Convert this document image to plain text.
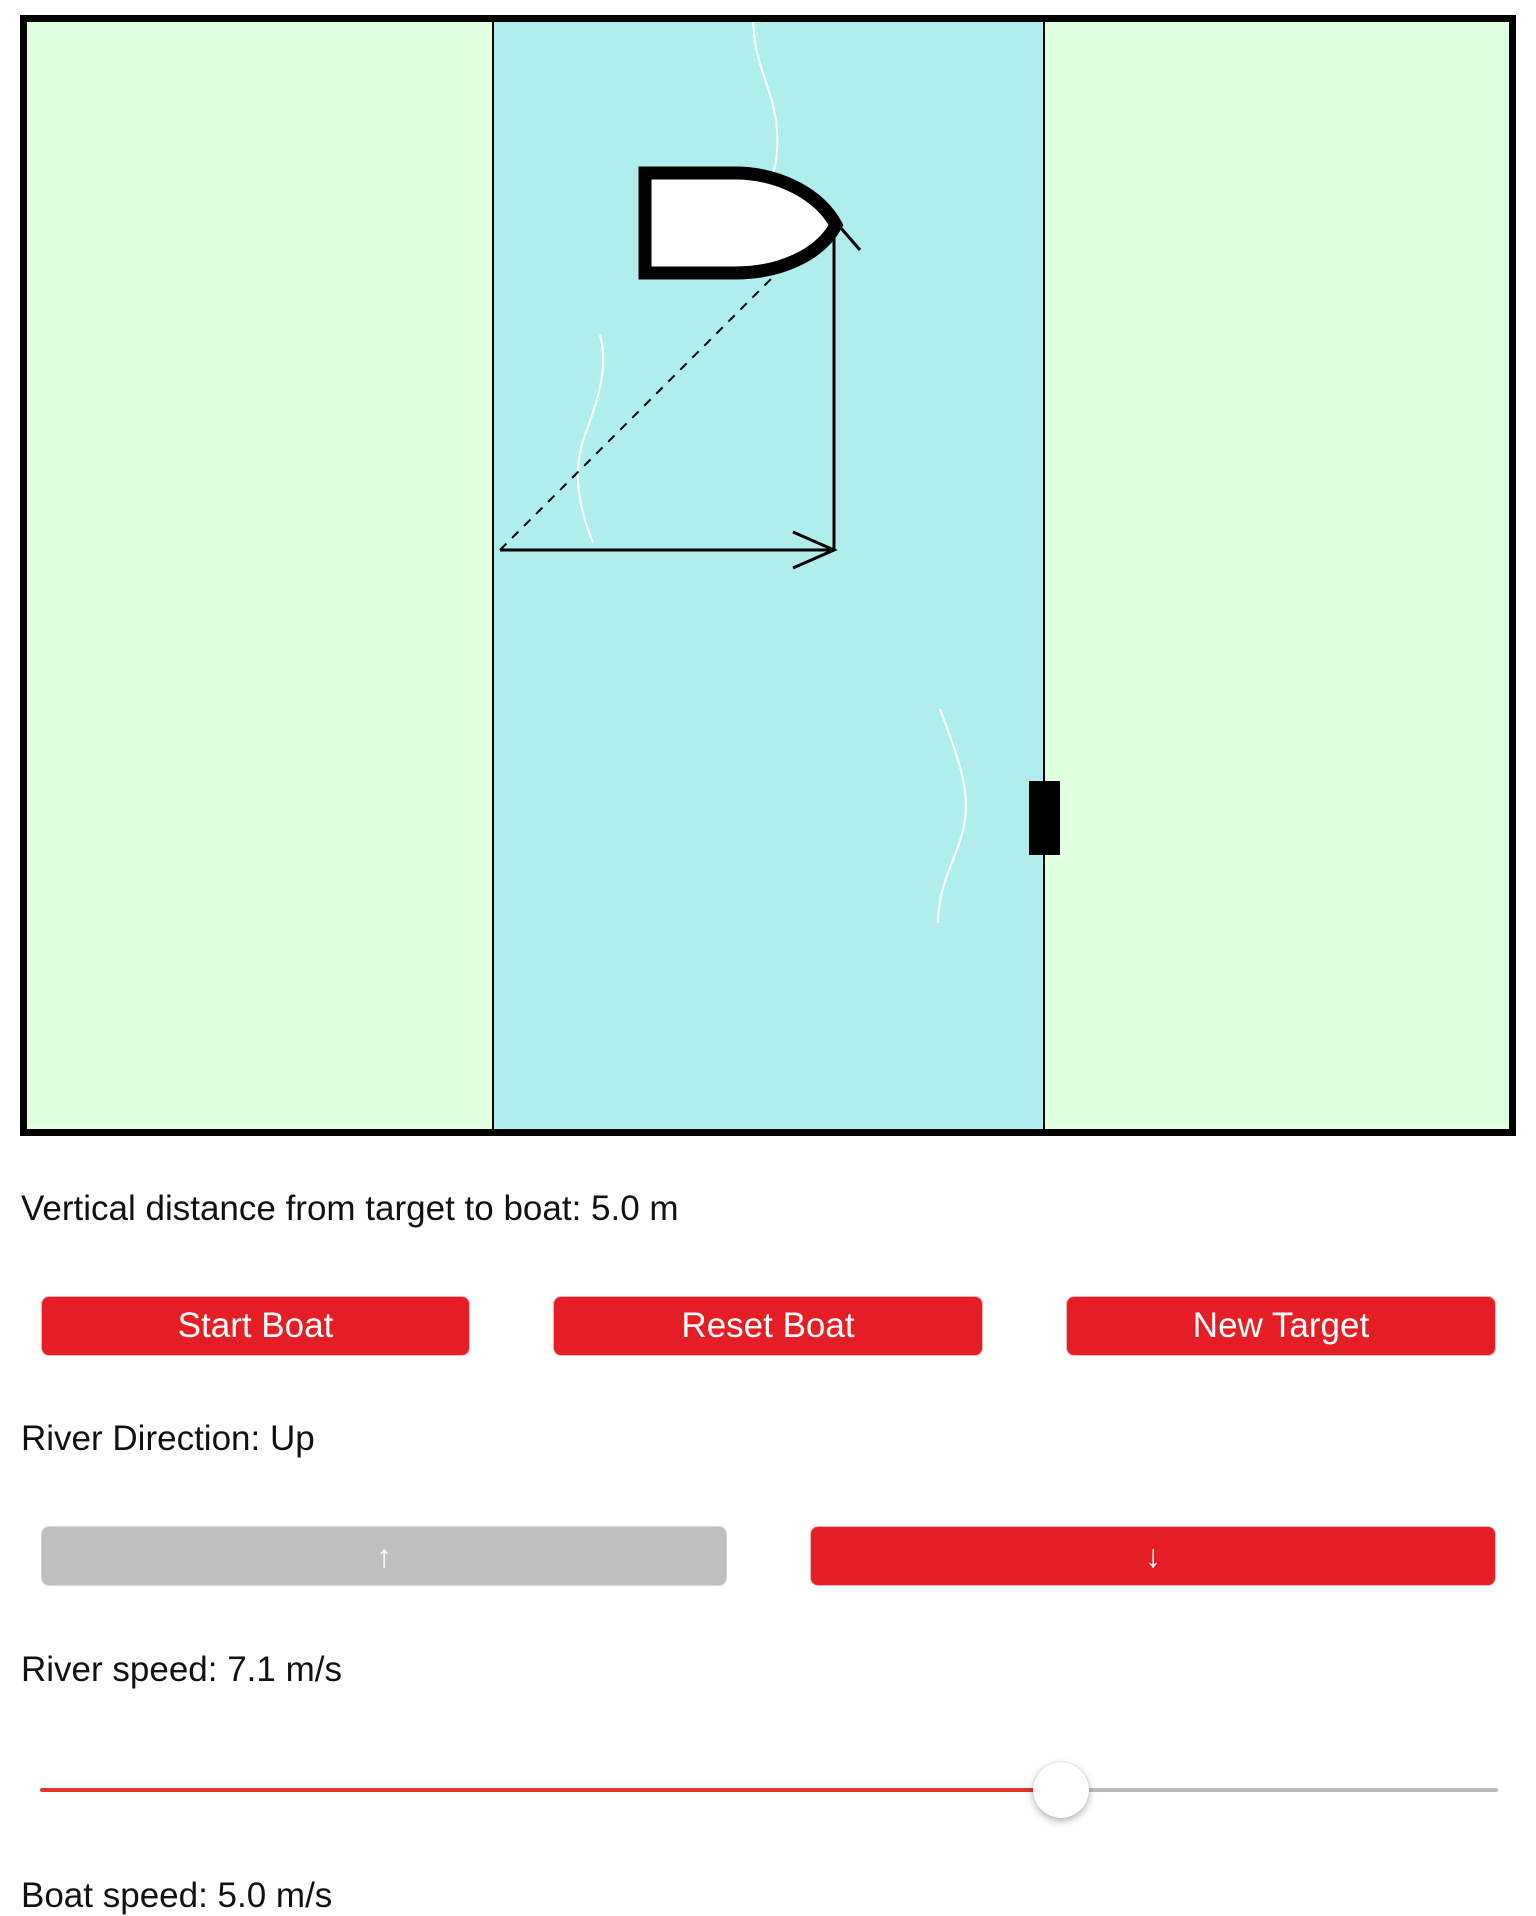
Vertical distance from target to boat: 5.0 m
Start Boat	Reset Boat	New Target
River Direction: Up
↑	↓
River speed: 7.1 m/s
Boat speed: 5.0 m/s
